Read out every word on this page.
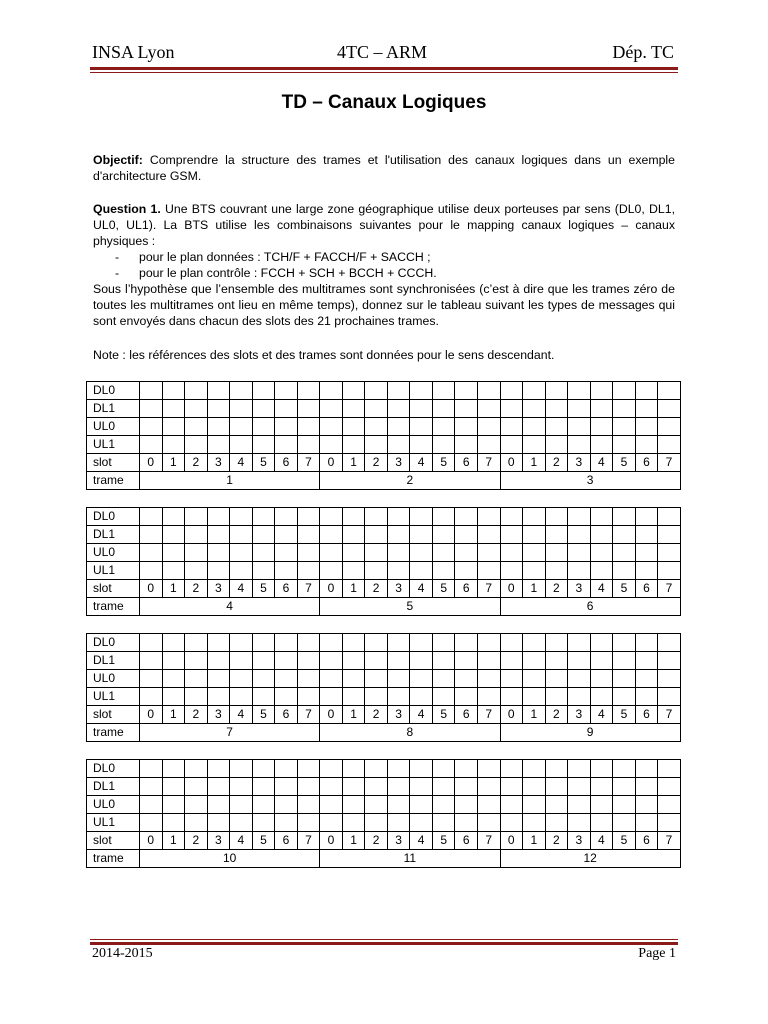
INSA Lyon	4TC – ARM	Dép. TC
TD – Canaux Logiques

Objectif: Comprendre la structure des trames et l'utilisation des canaux logiques dans un exemple d'architecture GSM.

Question 1. Une BTS couvrant une large zone géographique utilise deux porteuses par sens (DL0, DL1, UL0, UL1). La BTS utilise les combinaisons suivantes pour le mapping canaux logiques – canaux physiques :

- pour le plan données : TCH/F + FACCH/F + SACCH ;
- pour le plan contrôle : FCCH + SCH + BCCH + CCCH.

Sous l’hypothèse que l’ensemble des multitrames sont synchronisées (c’est à dire que les trames zéro de toutes les multitrames ont lieu en même temps), donnez sur le tableau suivant les types de messages qui sont envoyés dans chacun des slots des 21 prochaines trames.

Note : les références des slots et des trames sont données pour le sens descendant.

DL0																								
DL1																								
UL0																								
UL1																								
slot	0	1	2	3	4	5	6	7	0	1	2	3	4	5	6	7	0	1	2	3	4	5	6	7
trame	1								2								3							
DL0																								
DL1																								
UL0																								
UL1																								
slot	0	1	2	3	4	5	6	7	0	1	2	3	4	5	6	7	0	1	2	3	4	5	6	7
trame	4								5								6							
DL0																								
DL1																								
UL0																								
UL1																								
slot	0	1	2	3	4	5	6	7	0	1	2	3	4	5	6	7	0	1	2	3	4	5	6	7
trame	7								8								9							
DL0																								
DL1																								
UL0																								
UL1																								
slot	0	1	2	3	4	5	6	7	0	1	2	3	4	5	6	7	0	1	2	3	4	5	6	7
trame	10								11								12							
2014-2015	Page 1
